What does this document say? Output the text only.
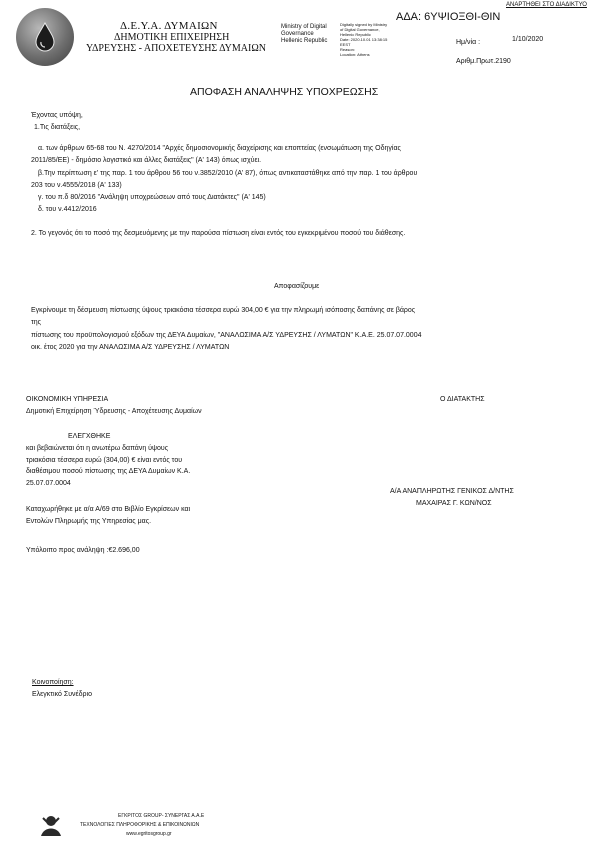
ΑΝΑΡΤΗΘΕΙ ΣΤΟ ΔΙΑΔΙΚΤΥΟ
ΑΔΑ: 6ΥΨΙΟΞΘΙ-ΘΙΝ
Δ.Ε.Υ.Α. ΔΥΜΑΙΩΝ
ΔΗΜΟΤΙΚΗ ΕΠΙΧΕΙΡΗΣΗ
ΥΔΡΕΥΣΗΣ - ΑΠΟΧΕΤΕΥΣΗΣ ΔΥΜΑΙΩΝ
Ministry of Digital
Governance
Hellenic Republic
Digitally signed by Ministry
of Digital Governance,
Hellenic Republic
Date: 2020.10.01 13:38:15
EEST
Reason:
Location: Athens
Ημ/νία :	1/10/2020
Αριθμ.Πρωτ.2190
ΑΠΟΦΑΣΗ ΑΝΑΛΗΨΗΣ ΥΠΟΧΡΕΩΣΗΣ
Έχοντας υπόψη,
1.Τις διατάξεις,
α. των άρθρων 65-68 του Ν. 4270/2014 "Αρχές δημοσιονομικής διαχείρισης και εποπτείας (ενσωμάτωση της Οδηγίας
2011/85/ΕΕ) - δημόσιο λογιστικό και άλλες διατάξεις" (Α' 143) όπως ισχύει.
β.Την περίπτωση ε' της παρ. 1 του άρθρου 56 του ν.3852/2010 (Α' 87), όπως αντικαταστάθηκε από την παρ. 1 του άρθρου
203 του ν.4555/2018 (Α' 133)
γ. του π.δ 80/2016 "Ανάληψη υποχρεώσεων από τους Διατάκτες" (Α' 145)
δ. του ν.4412/2016
2. Το γεγονός ότι το ποσό της δεσμευόμενης με την παρούσα πίστωση είναι εντός του εγκεκριμένου ποσού του διάθεσης.
Αποφασίζουμε
Εγκρίνουμε τη δέσμευση πίστωσης ύψους τριακόσια τέσσερα ευρώ 304,00 € για την πληρωμή ισόποσης δαπάνης σε βάρος
της
πίστωσης του προϋπολογισμού εξόδων της ΔΕΥΑ Δυμαίων, "ΑΝΑΛΩΣΙΜΑ Α/Σ ΥΔΡΕΥΣΗΣ / ΛΥΜΑΤΩΝ" Κ.Α.Ε. 25.07.07.0004
οικ. έτος 2020 για την ΑΝΑΛΩΣΙΜΑ Α/Σ ΥΔΡΕΥΣΗΣ / ΛΥΜΑΤΩΝ
ΟΙΚΟΝΟΜΙΚΗ ΥΠΗΡΕΣΙΑ
Δημοτική Επιχείρηση Ύδρευσης - Αποχέτευσης Δυμαίων
ΕΛΕΓΧΘΗΚΕ
και βεβαιώνεται ότι η ανωτέρω δαπάνη ύψους
τριακόσια τέσσερα ευρώ (304,00) € είναι εντός του
διαθέσιμου ποσού πίστωσης της ΔΕΥΑ Δυμαίων Κ.Α.
25.07.07.0004
Καταχωρήθηκε με α/α Α/69 στο Βιβλίο Εγκρίσεων και
Εντολών Πληρωμής της Υπηρεσίας μας.
Υπόλοιπο προς ανάληψη :€2.696,00
Ο ΔΙΑΤΑΚΤΗΣ
Α/Α ΑΝΑΠΛΗΡΩΤΗΣ ΓΕΝΙΚΟΣ Δ/ΝΤΗΣ
ΜΑΧΑΙΡΑΣ Γ. ΚΩΝ/ΝΟΣ
Κοινοποίηση:
Ελεγκτικό Συνέδριο
ΕΓΚΡΙΤΟΣ GROUP- ΣΥΝΕΡΓΑΣ Α.Α.Ε
ΤΕΧΝΟΛΟΓΙΕΣ ΠΛΗΡΟΦΟΡΙΚΗΣ & ΕΠΙΚΟΙΝΩΝΙΩΝ
www.egritosgroup.gr
